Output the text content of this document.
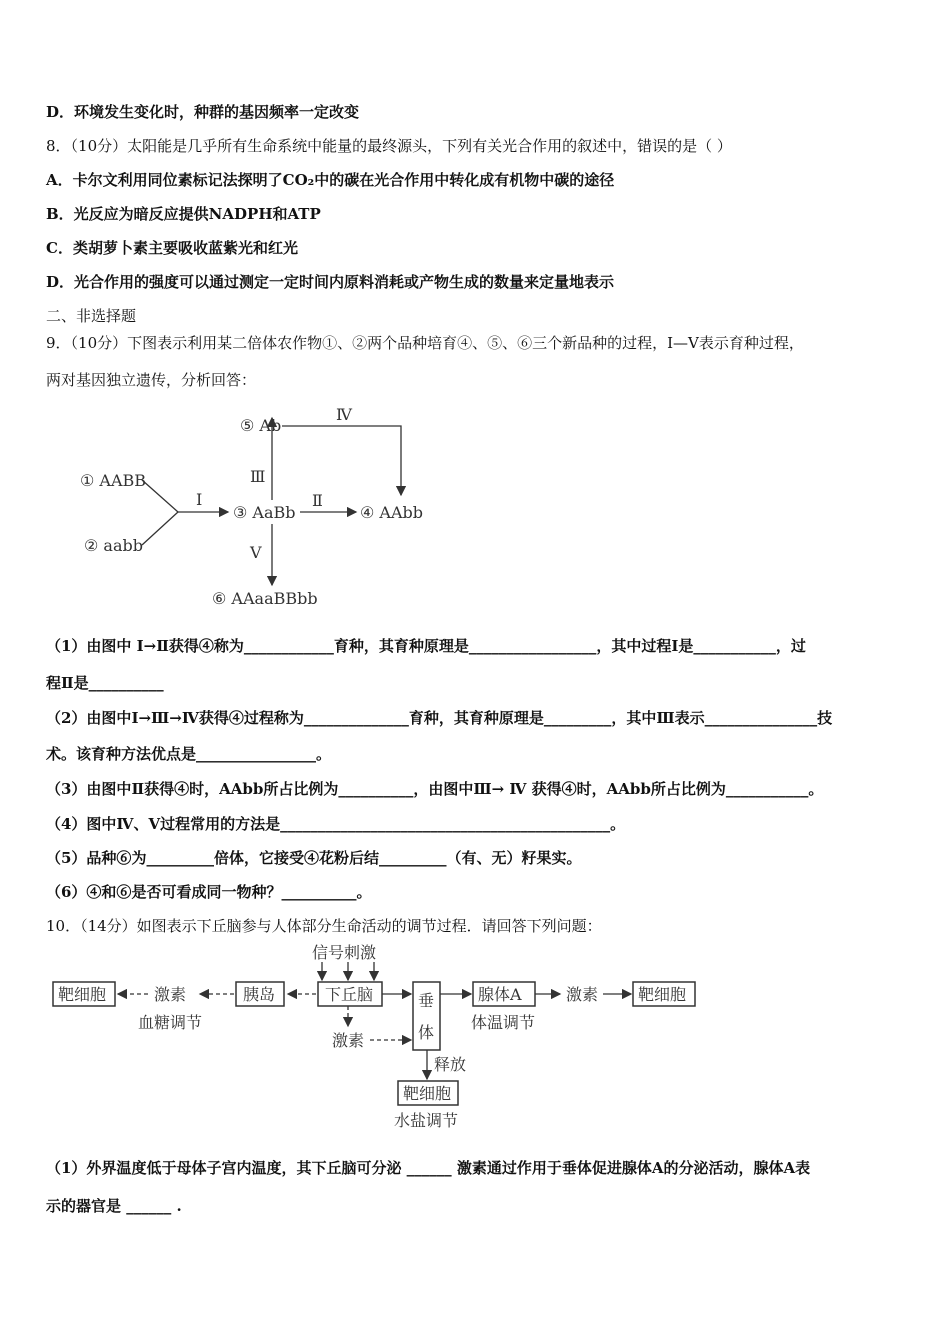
D．环境发生变化时，种群的基因频率一定改变
8．（10分）太阳能是几乎所有生命系统中能量的最终源头，下列有关光合作用的叙述中，错误的是（ ）
A．卡尔文利用同位素标记法探明了CO₂中的碳在光合作用中转化成有机物中碳的途径
B．光反应为暗反应提供NADPH和ATP
C．类胡萝卜素主要吸收蓝紫光和红光
D．光合作用的强度可以通过测定一定时间内原料消耗或产物生成的数量来定量地表示
二、非选择题
9．（10分）下图表示利用某二倍体农作物①、②两个品种培育④、⑤、⑥三个新品种的过程，Ⅰ—Ⅴ表示育种过程，
两对基因独立遗传，分析回答：
① AABB
② aabb
③ AaBb	④ AAbb
⑤ Ab
⑥ AAaaBBbb
Ⅰ	Ⅱ
Ⅲ
Ⅳ
Ⅴ
（1）由图中 Ⅰ→Ⅱ获得④称为____________育种，其育种原理是_________________，其中过程Ⅰ是___________，过
程Ⅱ是__________
（2）由图中Ⅰ→Ⅲ→Ⅳ获得④过程称为______________育种，其育种原理是_________，其中Ⅲ表示_______________技
术。该育种方法优点是________________。
（3）由图中Ⅱ获得④时，AAbb所占比例为__________，由图中Ⅲ→ Ⅳ 获得④时，AAbb所占比例为___________。
（4）图中Ⅳ、Ⅴ过程常用的方法是____________________________________________。
（5）品种⑥为_________倍体，它接受④花粉后结_________（有、无）籽果实。
（6）④和⑥是否可看成同一物种？__________。
10．（14分）如图表示下丘脑参与人体部分生命活动的调节过程．请回答下列问题：
信号刺激
靶细胞	激素	胰岛	下丘脑	垂
体
腺体A	激素 靶细胞
血糖调节	体温调节
激素
释放
靶细胞
水盐调节
（1）外界温度低于母体子宫内温度，其下丘脑可分泌 ______ 激素通过作用于垂体促进腺体A的分泌活动，腺体A表
示的器官是 ______ .
